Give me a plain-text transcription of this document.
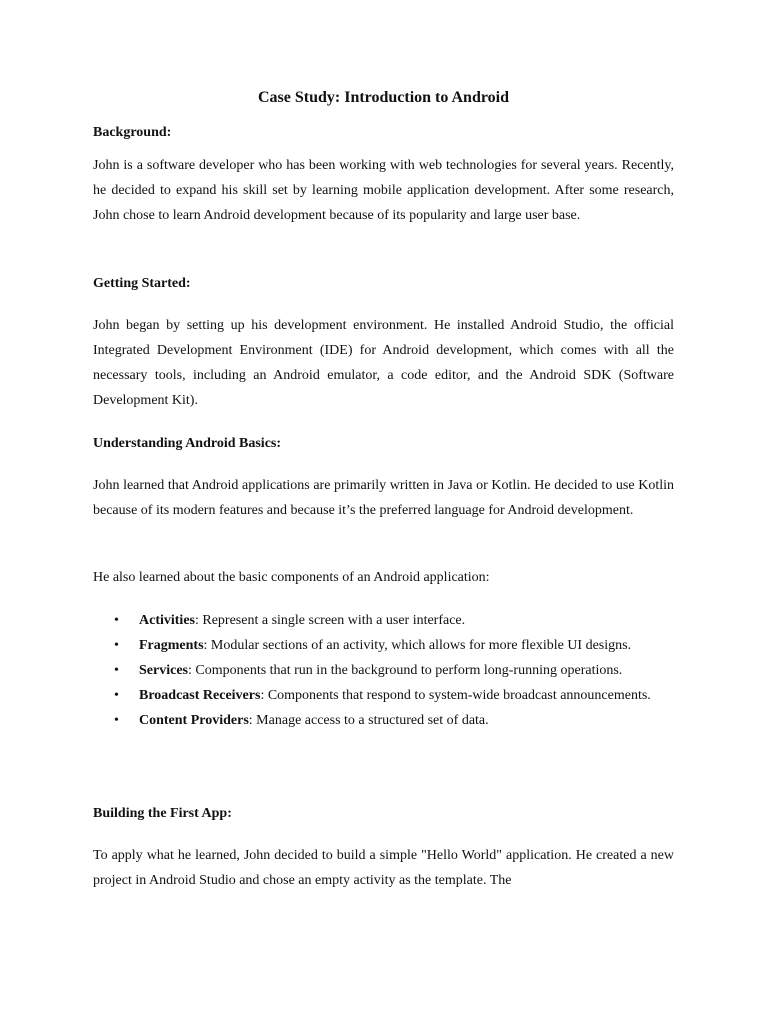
Case Study: Introduction to Android
Background:

John is a software developer who has been working with web technologies for several years. Recently, he decided to expand his skill set by learning mobile application development. After some research, John chose to learn Android development because of its popularity and large user base.

Getting Started:

John began by setting up his development environment. He installed Android Studio, the official Integrated Development Environment (IDE) for Android development, which comes with all the necessary tools, including an Android emulator, a code editor, and the Android SDK (Software Development Kit).

Understanding Android Basics:

John learned that Android applications are primarily written in Java or Kotlin. He decided to use Kotlin because of its modern features and because it’s the preferred language for Android development.

He also learned about the basic components of an Android application:

• Activities: Represent a single screen with a user interface.
• Fragments: Modular sections of an activity, which allows for more flexible UI designs.
• Services: Components that run in the background to perform long-running operations.
• Broadcast Receivers: Components that respond to system-wide broadcast announcements.
• Content Providers: Manage access to a structured set of data.
Building the First App:

To apply what he learned, John decided to build a simple "Hello World" application. He created a new project in Android Studio and chose an empty activity as the template. The
